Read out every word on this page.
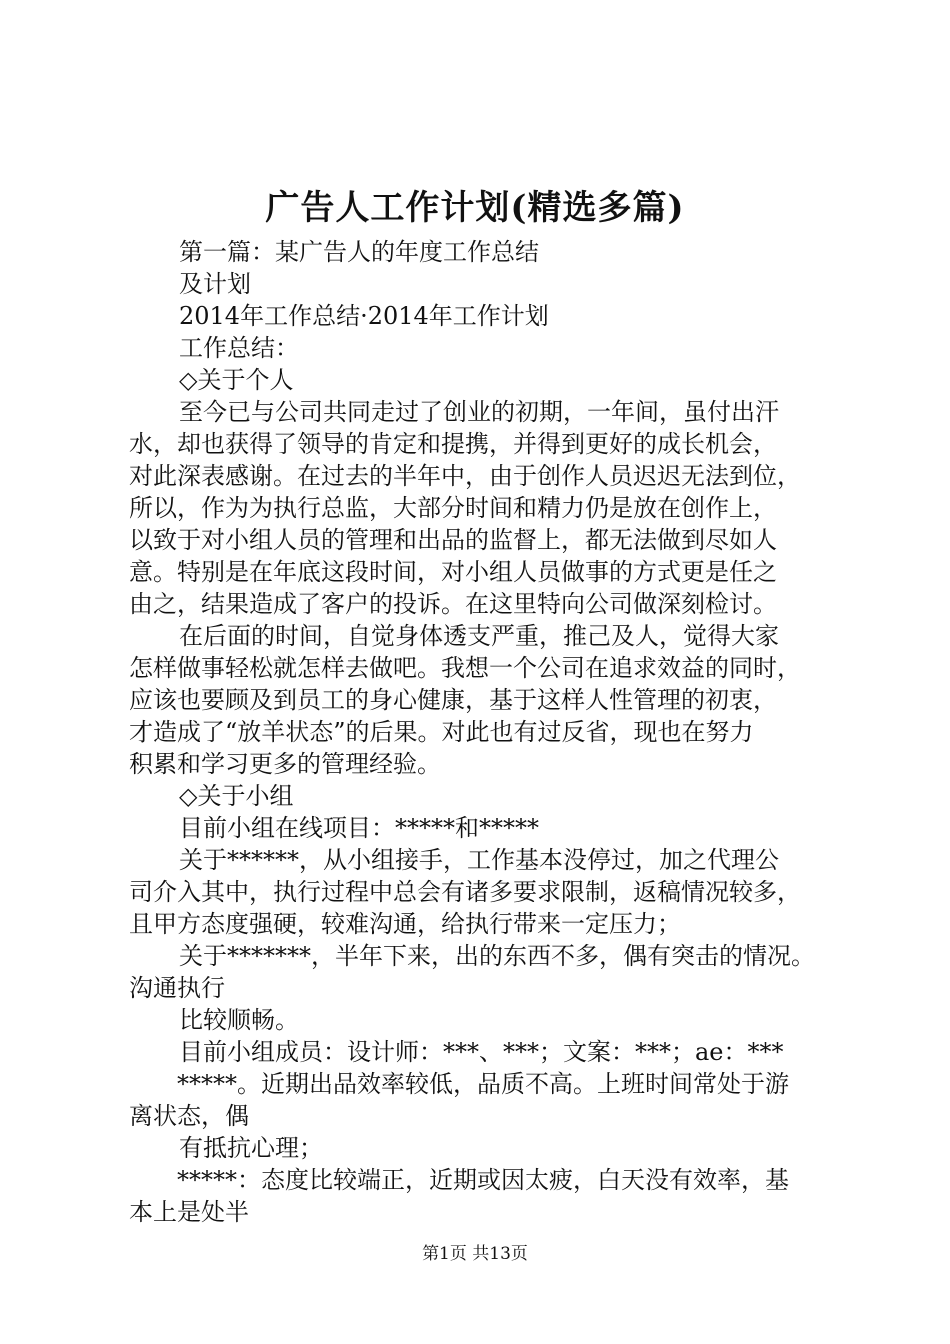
广告人工作计划(精选多篇)
第一篇：某广告人的年度工作总结
及计划
2014年工作总结·2014年工作计划
工作总结：
◇关于个人
至今已与公司共同走过了创业的初期，一年间，虽付出汗
水，却也获得了领导的肯定和提携，并得到更好的成长机会，
对此深表感谢。在过去的半年中，由于创作人员迟迟无法到位，
所以，作为为执行总监，大部分时间和精力仍是放在创作上，
以致于对小组人员的管理和出品的监督上，都无法做到尽如人
意。特别是在年底这段时间，对小组人员做事的方式更是任之
由之，结果造成了客户的投诉。在这里特向公司做深刻检讨。
在后面的时间，自觉身体透支严重，推己及人，觉得大家
怎样做事轻松就怎样去做吧。我想一个公司在追求效益的同时，
应该也要顾及到员工的身心健康，基于这样人性管理的初衷，
才造成了“放羊状态”的后果。对此也有过反省，现也在努力
积累和学习更多的管理经验。
◇关于小组
目前小组在线项目：*****和*****
关于******，从小组接手，工作基本没停过，加之代理公
司介入其中，执行过程中总会有诸多要求限制，返稿情况较多，
且甲方态度强硬，较难沟通，给执行带来一定压力；
关于*******，半年下来，出的东西不多，偶有突击的情况。
沟通执行
比较顺畅。
目前小组成员：设计师：***、***；文案：***；ae：***
*****。近期出品效率较低，品质不高。上班时间常处于游
离状态，偶
有抵抗心理；
*****：态度比较端正，近期或因太疲，白天没有效率，基
本上是处半
第1页 共13页
